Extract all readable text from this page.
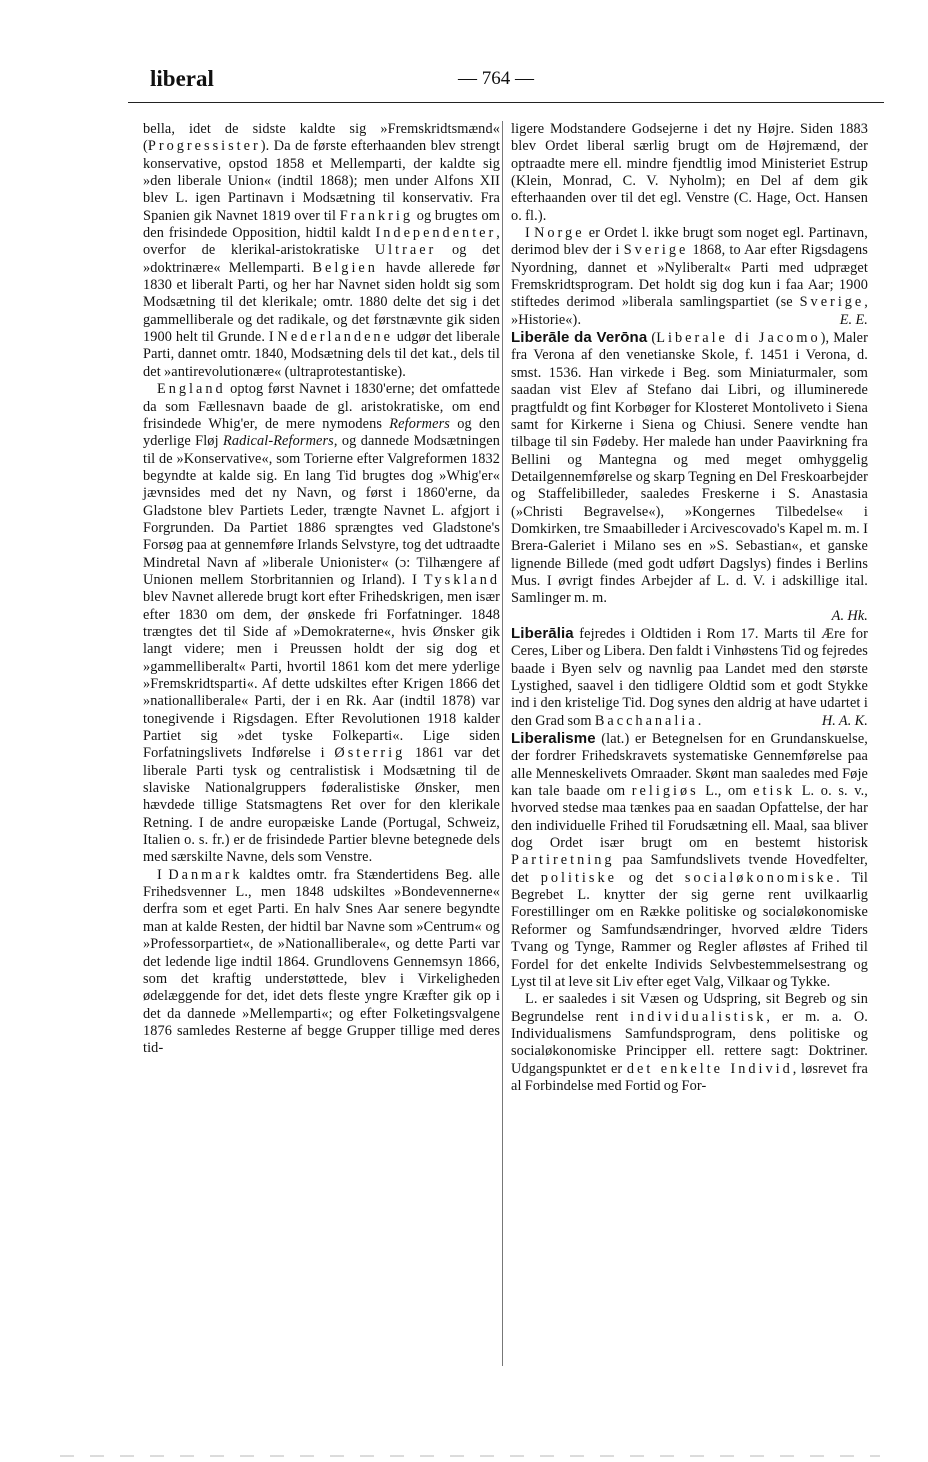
liberal	— 764 —

bella, idet de sidste kaldte sig »Fremskridtsmænd« (Progressister). Da de første efterhaanden blev strengt konservative, opstod 1858 et Mellemparti, der kaldte sig »den liberale Union« (indtil 1868); men under Alfons XII blev L. igen Partinavn i Modsætning til konservativ. Fra Spanien gik Navnet 1819 over til Frankrig og brugtes om den frisindede Opposition, hidtil kaldt Independenter, overfor de klerikal-aristokratiske Ultraer og det »doktrinære« Mellemparti. Belgien havde allerede før 1830 et liberalt Parti, og her har Navnet siden holdt sig som Modsætning til det klerikale; omtr. 1880 delte det sig i det gammelliberale og det radikale, og det førstnævnte gik siden 1900 helt til Grunde. I Nederlandene udgør det liberale Parti, dannet omtr. 1840, Modsætning dels til det kat., dels til det »antirevolutionære« (ultraprotestantiske).

England optog først Navnet i 1830'erne; det omfattede da som Fællesnavn baade de gl. aristokratiske, om end frisindede Whig'er, de mere nymodens Reformers og den yderlige Fløj Radical-Reformers, og dannede Modsætningen til de »Konservative«, som Torierne efter Valgreformen 1832 begyndte at kalde sig. En lang Tid brugtes dog »Whig'er« jævnsides med det ny Navn, og først i 1860'erne, da Gladstone blev Partiets Leder, trængte Navnet L. afgjort i Forgrunden. Da Partiet 1886 sprængtes ved Gladstone's Forsøg paa at gennemføre Irlands Selvstyre, tog det udtraadte Mindretal Navn af »liberale Unionister« (ɔ: Tilhængere af Unionen mellem Storbritannien og Irland). I Tyskland blev Navnet allerede brugt kort efter Frihedskrigen, men især efter 1830 om dem, der ønskede fri Forfatninger. 1848 trængtes det til Side af »Demokraterne«, hvis Ønsker gik langt videre; men i Preussen holdt der sig dog et »gammelliberalt« Parti, hvortil 1861 kom det mere yderlige »Fremskridtsparti«. Af dette udskiltes efter Krigen 1866 det »nationalliberale« Parti, der i en Rk. Aar (indtil 1878) var tonegivende i Rigsdagen. Efter Revolutionen 1918 kalder Partiet sig »det tyske Folkeparti«. Lige siden Forfatningslivets Indførelse i Østerrig 1861 var det liberale Parti tysk og centralistisk i Modsætning til de slaviske Nationalgruppers føderalistiske Ønsker, men hævdede tillige Statsmagtens Ret over for den klerikale Retning. I de andre europæiske Lande (Portugal, Schweiz, Italien o. s. fr.) er de frisindede Partier blevne betegnede dels med særskilte Navne, dels som Venstre.

I Danmark kaldtes omtr. fra Stændertidens Beg. alle Frihedsvenner L., men 1848 udskiltes »Bondevennerne« derfra som et eget Parti. En halv Snes Aar senere begyndte man at kalde Resten, der hidtil bar Navne som »Centrum« og »Professorpartiet«, de »Nationalliberale«, og dette Parti var det ledende lige indtil 1864. Grundlovens Gennemsyn 1866, som det kraftig understøttede, blev i Virkeligheden ødelæggende for det, idet dets fleste yngre Kræfter gik op i det da dannede »Mellemparti«; og efter Folketingsvalgene 1876 samledes Resterne af begge Grupper tillige med deres tid-

ligere Modstandere Godsejerne i det ny Højre. Siden 1883 blev Ordet liberal særlig brugt om de Højremænd, der optraadte mere ell. mindre fjendtlig imod Ministeriet Estrup (Klein, Monrad, C. V. Nyholm); en Del af dem gik efterhaanden over til det egl. Venstre (C. Hage, Oct. Hansen o. fl.).

I Norge er Ordet l. ikke brugt som noget egl. Partinavn, derimod blev der i Sverige 1868, to Aar efter Rigsdagens Nyordning, dannet et »Nyliberalt« Parti med udpræget Fremskridtsprogram. Det holdt sig dog kun i faa Aar; 1900 stiftedes derimod »liberala samlingspartiet (se Sverige, »Historie«).	E. E.

Liberāle da Verōna (Liberale di Jacomo), Maler fra Verona af den venetianske Skole, f. 1451 i Verona, d. smst. 1536. Han virkede i Beg. som Miniaturmaler, som saadan vist Elev af Stefano dai Libri, og illuminerede pragtfuldt og fint Korbøger for Klosteret Montoliveto i Siena samt for Kirkerne i Siena og Chiusi. Senere vendte han tilbage til sin Fødeby. Her malede han under Paavirkning fra Bellini og Mantegna og med meget omhyggelig Detailgennemførelse og skarp Tegning en Del Freskoarbejder og Staffelibilleder, saaledes Freskerne i S. Anastasia (»Christi Begravelse«), »Kongernes Tilbedelse« i Domkirken, tre Smaabilleder i Arcivescovado's Kapel m. m. I Brera-Galeriet i Milano ses en »S. Sebastian«, et ganske lignende Billede (med godt udført Dagslys) findes i Berlins Mus. I øvrigt findes Arbejder af L. d. V. i adskillige ital. Samlinger m. m.
A. Hk.

Liberālia fejredes i Oldtiden i Rom 17. Marts til Ære for Ceres, Liber og Libera. Den faldt i Vinhøstens Tid og fejredes baade i Byen selv og navnlig paa Landet med den største Lystighed, saavel i den tidligere Oldtid som et godt Stykke ind i den kristelige Tid. Dog synes den aldrig at have udartet i den Grad som Bacchanalia.	H. A. K.

Liberalisme (lat.) er Betegnelsen for en Grundanskuelse, der fordrer Frihedskravets systematiske Gennemførelse paa alle Menneskelivets Omraader. Skønt man saaledes med Føje kan tale baade om religiøs L., om etisk L. o. s. v., hvorved stedse maa tænkes paa en saadan Opfattelse, der har den individuelle Frihed til Forudsætning ell. Maal, saa bliver dog Ordet især brugt om en bestemt historisk Partiretning paa Samfundslivets tvende Hovedfelter, det politiske og det socialøkonomiske. Til Begrebet L. knytter der sig gerne rent uvilkaarlig Forestillinger om en Række politiske og socialøkonomiske Reformer og Samfundsændringer, hvorved ældre Tiders Tvang og Tynge, Rammer og Regler afløstes af Frihed til Fordel for det enkelte Individs Selvbestemmelsestrang og Lyst til at leve sit Liv efter eget Valg, Vilkaar og Tykke.

L. er saaledes i sit Væsen og Udspring, sit Begreb og sin Begrundelse rent individualistisk, er m. a. O. Individualismens Samfundsprogram, dens politiske og socialøkonomiske Principper ell. rettere sagt: Doktriner. Udgangspunktet er det enkelte Individ, løsrevet fra al Forbindelse med Fortid og For-
